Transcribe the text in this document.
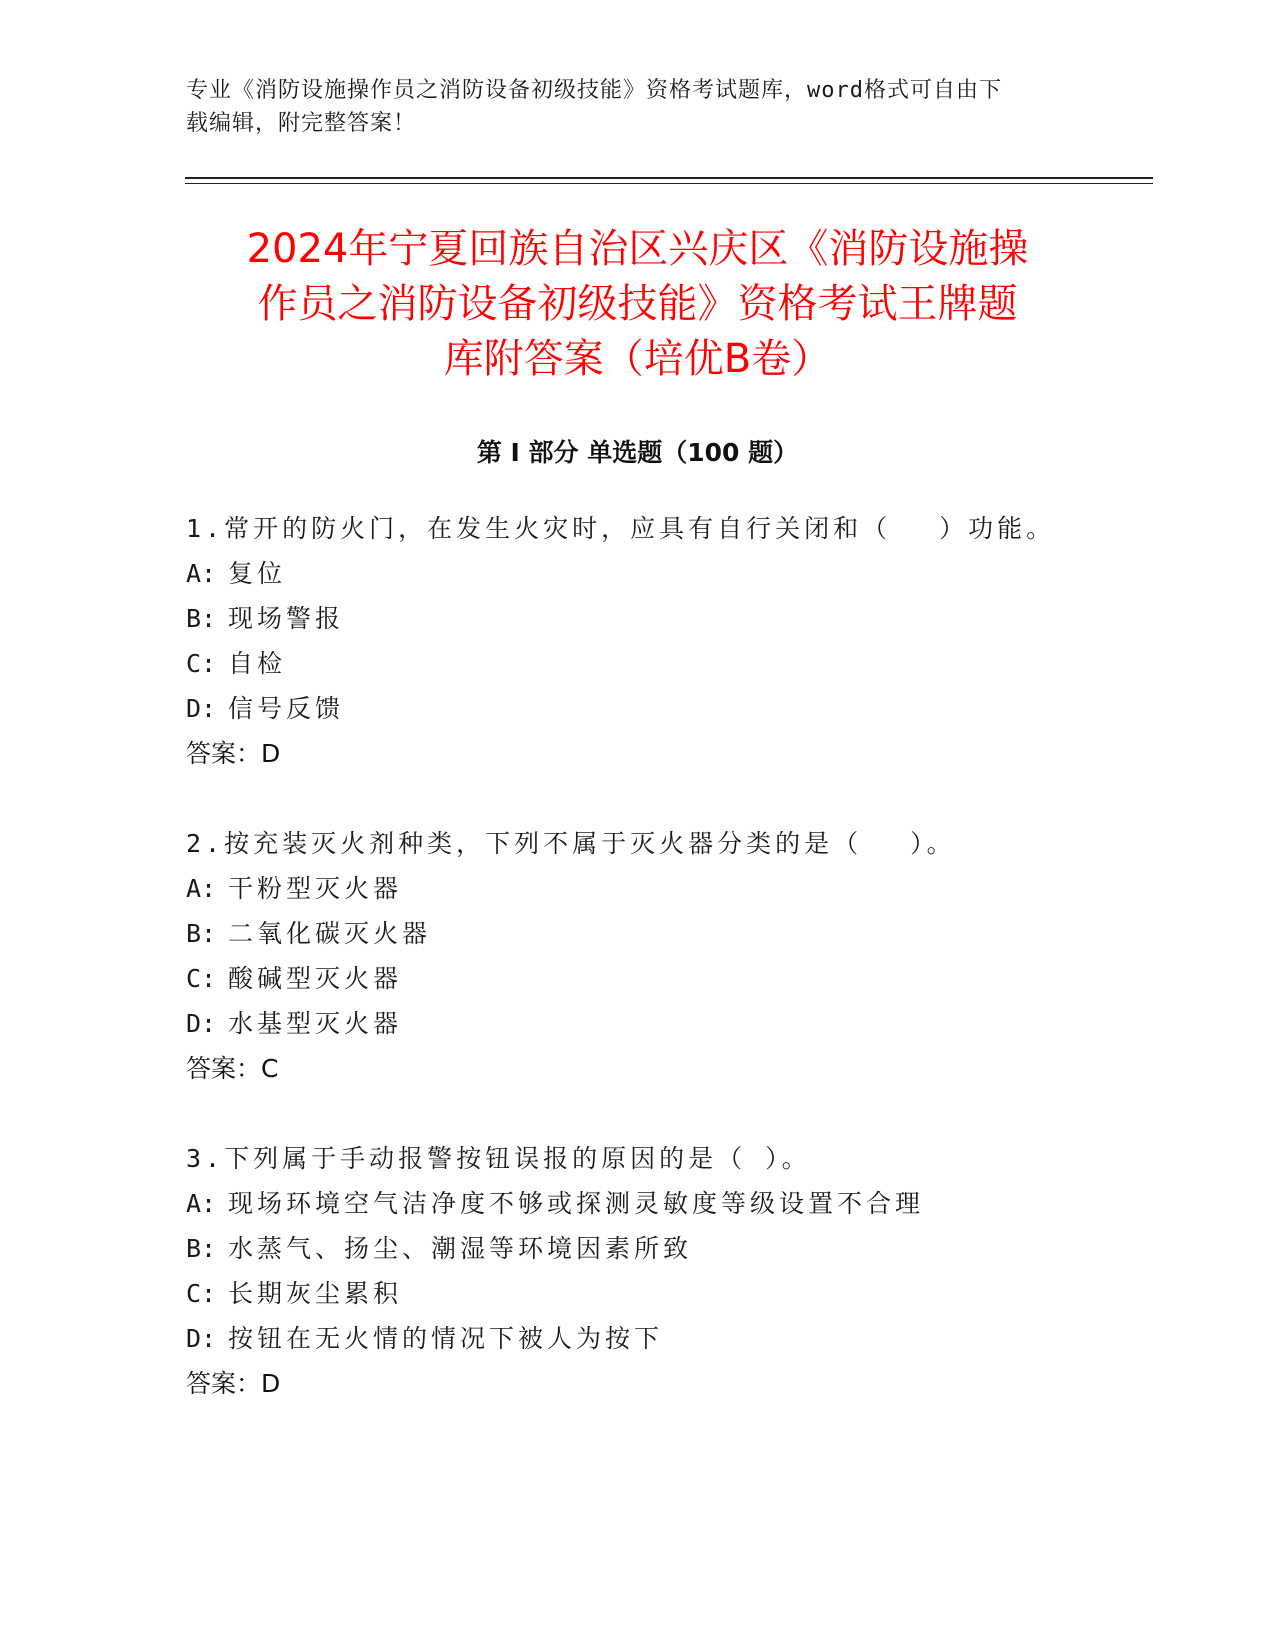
专业《消防设施操作员之消防设备初级技能》资格考试题库，word格式可自由下
载编辑，附完整答案！
2024年宁夏回族自治区兴庆区《消防设施操
作员之消防设备初级技能》资格考试王牌题
库附答案（培优B卷）
第 I 部分 单选题（100 题）
1.常开的防火门，在发生火灾时，应具有自行关闭和（　 ）功能。
A: 复位
B: 现场警报
C: 自检
D: 信号反馈
答案：D
2.按充装灭火剂种类，下列不属于灭火器分类的是（　 ）。
A: 干粉型灭火器
B: 二氧化碳灭火器
C: 酸碱型灭火器
D: 水基型灭火器
答案：C
3.下列属于手动报警按钮误报的原因的是（ ）。
A: 现场环境空气洁净度不够或探测灵敏度等级设置不合理
B: 水蒸气、扬尘、潮湿等环境因素所致
C: 长期灰尘累积
D: 按钮在无火情的情况下被人为按下
答案：D
